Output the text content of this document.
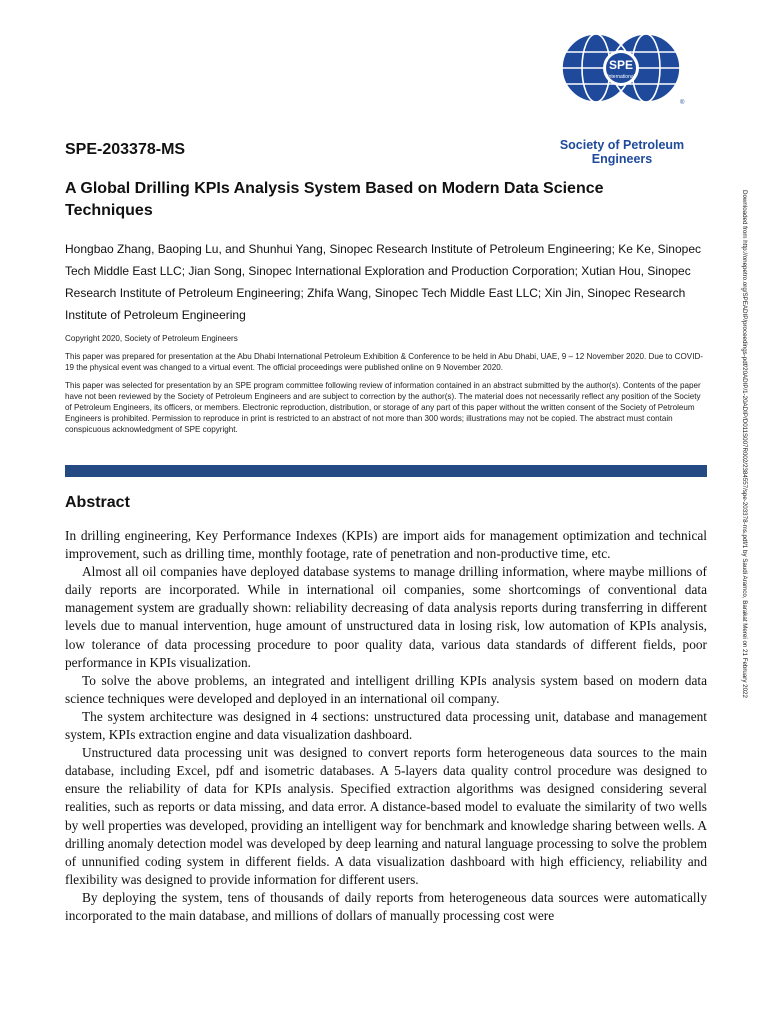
SPE
International
®
Society of Petroleum Engineers
SPE-203378-MS
A Global Drilling KPIs Analysis System Based on Modern Data Science Techniques

Hongbao Zhang, Baoping Lu, and Shunhui Yang, Sinopec Research Institute of Petroleum Engineering; Ke Ke, Sinopec Tech Middle East LLC; Jian Song, Sinopec International Exploration and Production Corporation; Xutian Hou, Sinopec Research Institute of Petroleum Engineering; Zhifa Wang, Sinopec Tech Middle East LLC; Xin Jin, Sinopec Research Institute of Petroleum Engineering

Copyright 2020, Society of Petroleum Engineers

This paper was prepared for presentation at the Abu Dhabi International Petroleum Exhibition & Conference to be held in Abu Dhabi, UAE, 9 – 12 November 2020. Due to COVID-19 the physical event was changed to a virtual event. The official proceedings were published online on 9 November 2020.

This paper was selected for presentation by an SPE program committee following review of information contained in an abstract submitted by the author(s). Contents of the paper have not been reviewed by the Society of Petroleum Engineers and are subject to correction by the author(s). The material does not necessarily reflect any position of the Society of Petroleum Engineers, its officers, or members. Electronic reproduction, distribution, or storage of any part of this paper without the written consent of the Society of Petroleum Engineers is prohibited. Permission to reproduce in print is restricted to an abstract of not more than 300 words; illustrations may not be copied. The abstract must contain conspicuous acknowledgment of SPE copyright.

Abstract

In drilling engineering, Key Performance Indexes (KPIs) are import aids for management optimization and technical improvement, such as drilling time, monthly footage, rate of penetration and non-productive time, etc.

Almost all oil companies have deployed database systems to manage drilling information, where maybe millions of daily reports are incorporated. While in international oil companies, some shortcomings of conventional data management system are gradually shown: reliability decreasing of data analysis reports during transferring in different levels due to manual intervention, huge amount of unstructured data in losing risk, low automation of KPIs analysis, low tolerance of data processing procedure to poor quality data, various data standards of different fields, poor performance in KPIs visualization.

To solve the above problems, an integrated and intelligent drilling KPIs analysis system based on modern data science techniques were developed and deployed in an international oil company.

The system architecture was designed in 4 sections: unstructured data processing unit, database and management system, KPIs extraction engine and data visualization dashboard.

Unstructured data processing unit was designed to convert reports form heterogeneous data sources to the main database, including Excel, pdf and isometric databases. A 5-layers data quality control procedure was designed to ensure the reliability of data for KPIs analysis. Specified extraction algorithms was designed considering several realities, such as reports or data missing, and data error. A distance-based model to evaluate the similarity of two wells by well properties was developed, providing an intelligent way for benchmark and knowledge sharing between wells. A drilling anomaly detection model was developed by deep learning and natural language processing to solve the problem of unnunified coding system in different fields. A data visualization dashboard with high efficiency, reliability and flexibility was designed to provide information for different users.

By deploying the system, tens of thousands of daily reports from heterogeneous data sources were automatically incorporated to the main database, and millions of dollars of manually processing cost were

Downloaded from http://onepetro.org/SPEADIP/proceedings-pdf/20ADIP/1-20ADIP/D011S007R002/2384557/spe-203378-ms.pdf/1 by Saudi Aramco, Barakat Merei on 21 February 2022
